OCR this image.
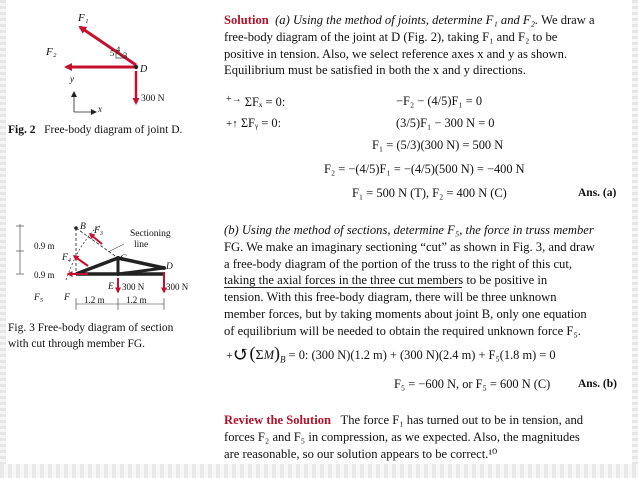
F₁
F₂	4
5 3
D
y
x
300 N
Fig. 2 Free-body diagram of joint D.
B F₃	Sectioning
line
0.9 m
F₄	C
0.9 m
E
D
F₅ F
300 N 300 N
1.2 m 1.2 m
Fig. 3 Free-body diagram of section
with cut through member FG.
Solution (a) Using the method of joints, determine F₁ and F₂. We draw a
free-body diagram of the joint at D (Fig. 2), taking F₁ and F₂ to be
positive in tension. Also, we select reference axes x and y as shown.
Equilibrium must be satisfied in both the x and y directions.
+→ ΣFₓ = 0:	−F₂ − (4/5)F₁ = 0
+↑ ΣFᵧ = 0:	(3/5)F₁ − 300 N = 0
F₁ = (5/3)(300 N) = 500 N
F₂ = −(4/5)F₁ = −(4/5)(500 N) = −400 N
F₁ = 500 N (T), F₂ = 400 N (C)	Ans. (a)
(b) Using the method of sections, determine F₅, the force in truss member
FG. We make an imaginary sectioning “cut” as shown in Fig. 3, and draw
a free-body diagram of the portion of the truss to the right of this cut,
taking the axial forces in the three cut members to be positive in
tension. With this free-body diagram, there will be three unknown
member forces, but by taking moments about joint B, only one equation
of equilibrium will be needed to obtain the required unknown force F₅.
$+↺(\Sigma M)_B = 0$: (300 N)(1.2 m) + (300 N)(2.4 m) + F₅(1.8 m) = 0
F₅ = −600 N, or F₅ = 600 N (C) Ans. (b)
Review the Solution The force F₁ has turned out to be in tension, and
forces F₂ and F₅ in compression, as we expected. Also, the magnitudes
are reasonable, so our solution appears to be correct.¹⁰
